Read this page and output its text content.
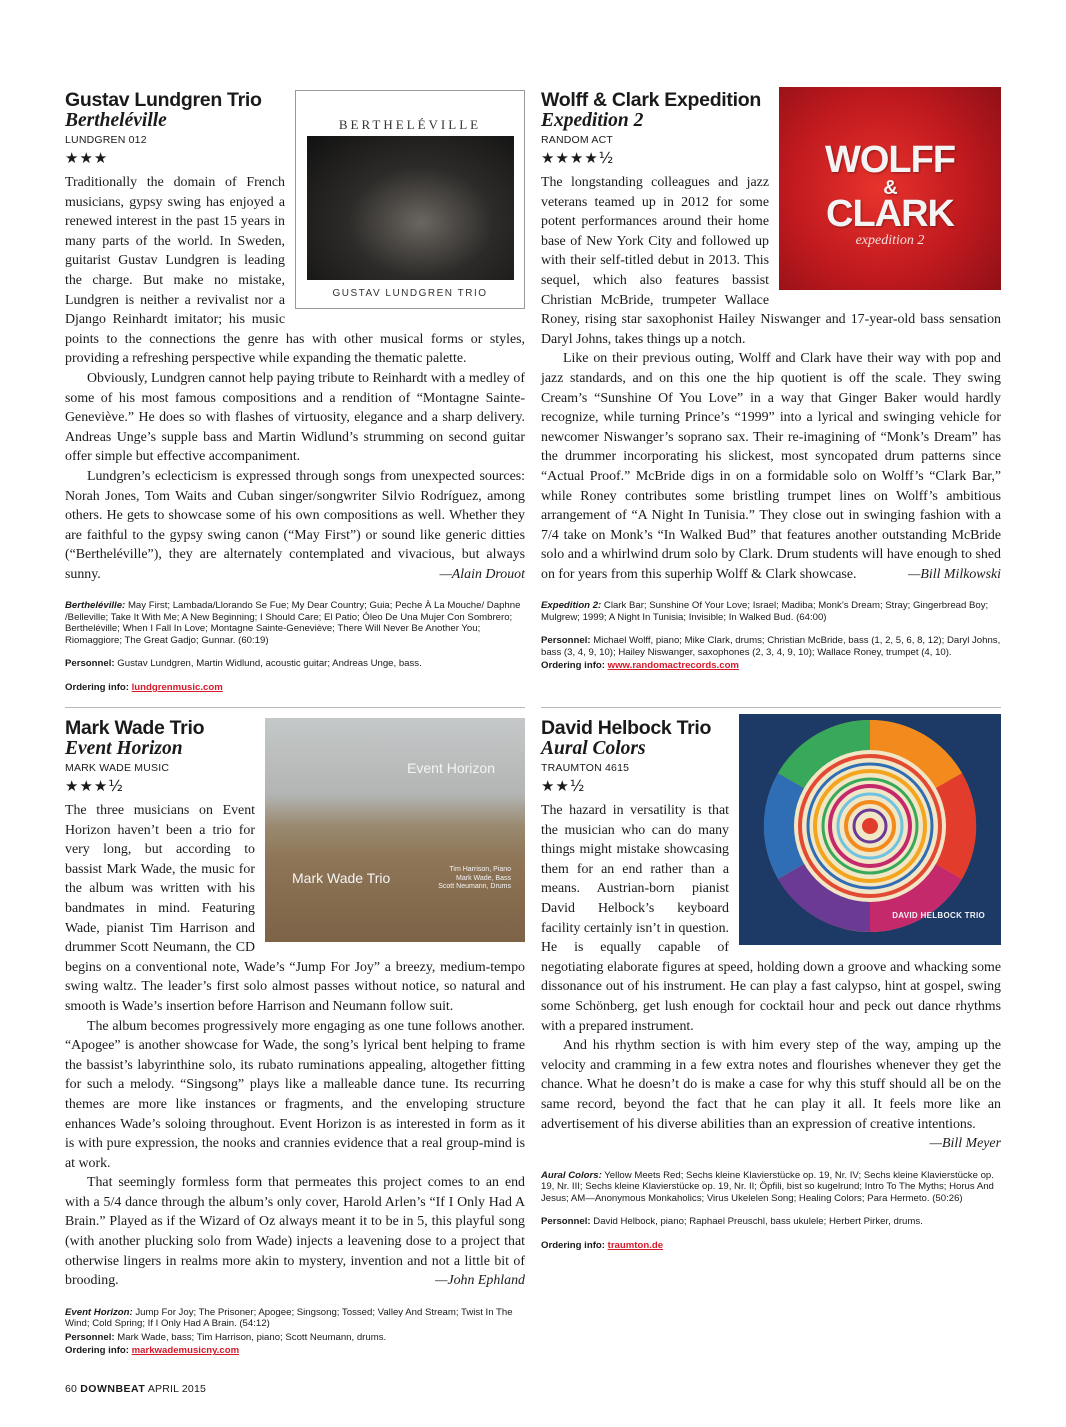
BERTHELÉVILLE
GUSTAV LUNDGREN TRIO
Gustav Lundgren Trio
Bertheléville
LUNDGREN 012
★★★

Traditionally the domain of French musicians, gypsy swing has enjoyed a renewed interest in the past 15 years in many parts of the world. In Sweden, guitarist Gustav Lundgren is leading the charge. But make no mistake, Lundgren is neither a revivalist nor a Django Reinhardt imitator; his music points to the connections the genre has with other musical forms or styles, providing a refreshing perspective while expanding the thematic palette.

Obviously, Lundgren cannot help paying tribute to Reinhardt with a medley of some of his most famous compositions and a rendition of “Montagne Sainte-Geneviève.” He does so with flashes of virtuosity, elegance and a sharp delivery. Andreas Unge’s supple bass and Martin Widlund’s strumming on second guitar offer simple but effective accompaniment.

Lundgren’s eclecticism is expressed through songs from unexpected sources: Norah Jones, Tom Waits and Cuban singer/songwriter Silvio Rodríguez, among others. He gets to showcase some of his own compositions as well. Whether they are faithful to the gypsy swing canon (“May First”) or sound like generic ditties (“Bertheléville”), they are alternately contemplated and vivacious, but always sunny.	—Alain Drouot
Bertheléville: May First; Lambada/Llorando Se Fue; My Dear Country; Guia; Peche À La Mouche/ Daphne /Belleville; Take It With Me; A New Beginning; I Should Care; El Patio; Óleo De Una Mujer Con Sombrero; Bertheléville; When I Fall In Love; Montagne Sainte-Geneviève; There Will Never Be Another You; Riomaggiore; The Great Gadjo; Gunnar. (60:19)
Personnel: Gustav Lundgren, Martin Widlund, acoustic guitar; Andreas Unge, bass.
Ordering info: lundgrenmusic.com
WOLFF
&
CLARK
expedition 2
Wolff & Clark Expedition
Expedition 2
RANDOM ACT
★★★★½

The longstanding colleagues and jazz veterans teamed up in 2012 for some potent performances around their home base of New York City and followed up with their self-titled debut in 2013. This sequel, which also features bassist Christian McBride, trumpeter Wallace Roney, rising star saxophonist Hailey Niswanger and 17-year-old bass sensation Daryl Johns, takes things up a notch.

Like on their previous outing, Wolff and Clark have their way with pop and jazz standards, and on this one the hip quotient is off the scale. They swing Cream’s “Sunshine Of You Love” in a way that Ginger Baker would hardly recognize, while turning Prince’s “1999” into a lyrical and swinging vehicle for newcomer Niswanger’s soprano sax. Their re-imagining of “Monk’s Dream” has the drummer incorporating his slickest, most syncopated drum patterns since “Actual Proof.” McBride digs in on a formidable solo on Wolff’s “Clark Bar,” while Roney contributes some bristling trumpet lines on Wolff’s ambitious arrangement of “A Night In Tunisia.” They close out in swinging fashion with a 7/4 take on Monk’s “In Walked Bud” that features another outstanding McBride solo and a whirlwind drum solo by Clark. Drum students will have enough to shed on for years from this superhip Wolff & Clark showcase.	—Bill Milkowski
Expedition 2: Clark Bar; Sunshine Of Your Love; Israel; Madiba; Monk’s Dream; Stray; Gingerbread Boy; Mulgrew; 1999; A Night In Tunisia; Invisible; In Walked Bud. (64:00)
Personnel: Michael Wolff, piano; Mike Clark, drums; Christian McBride, bass (1, 2, 5, 6, 8, 12); Daryl Johns, bass (3, 4, 9, 10); Hailey Niswanger, saxophones (2, 3, 4, 9, 10); Wallace Roney, trumpet (4, 10).
Ordering info: www.randomactrecords.com
Event Horizon
Mark Wade Trio
Tim Harrison, Piano
Mark Wade, Bass
Scott Neumann, Drums
Mark Wade Trio
Event Horizon
MARK WADE MUSIC
★★★½

The three musicians on Event Horizon haven’t been a trio for very long, but according to bassist Mark Wade, the music for the album was written with his bandmates in mind. Featuring Wade, pianist Tim Harrison and drummer Scott Neumann, the CD begins on a conventional note, Wade’s “Jump For Joy” a breezy, medium-tempo swing waltz. The leader’s first solo almost passes without notice, so natural and smooth is Wade’s insertion before Harrison and Neumann follow suit.

The album becomes progressively more engaging as one tune follows another. “Apogee” is another showcase for Wade, the song’s lyrical bent helping to frame the bassist’s labyrinthine solo, its rubato ruminations appealing, altogether fitting for such a melody. “Singsong” plays like a malleable dance tune. Its recurring themes are more like instances or fragments, and the enveloping structure enhances Wade’s soloing throughout. Event Horizon is as interested in form as it is with pure expression, the nooks and crannies evidence that a real group-mind is at work.

That seemingly formless form that permeates this project comes to an end with a 5/4 dance through the album’s only cover, Harold Arlen’s “If I Only Had A Brain.” Played as if the Wizard of Oz always meant it to be in 5, this playful song (with another plucking solo from Wade) injects a leavening dose to a project that otherwise lingers in realms more akin to mystery, invention and not a little bit of brooding.	—John Ephland
Event Horizon: Jump For Joy; The Prisoner; Apogee; Singsong; Tossed; Valley And Stream; Twist In The Wind; Cold Spring; If I Only Had A Brain. (54:12)
Personnel: Mark Wade, bass; Tim Harrison, piano; Scott Neumann, drums.
Ordering info: markwademusicny.com
DAVID HELBOCK TRIO
David Helbock Trio
Aural Colors
TRAUMTON 4615
★★½

The hazard in versatility is that the musician who can do many things might mistake showcasing them for an end rather than a means. Austrian-born pianist David Helbock’s keyboard facility certainly isn’t in question. He is equally capable of negotiating elaborate figures at speed, holding down a groove and whacking some dissonance out of his instrument. He can play a fast calypso, hint at gospel, swing some Schönberg, get lush enough for cocktail hour and peck out dance rhythms with a prepared instrument.

And his rhythm section is with him every step of the way, amping up the velocity and cramming in a few extra notes and flourishes whenever they get the chance. What he doesn’t do is make a case for why this stuff should all be on the same record, beyond the fact that he can play it all. It feels more like an advertisement of his diverse abilities than an expression of creative intentions.

—Bill Meyer
Aural Colors: Yellow Meets Red; Sechs kleine Klavierstücke op. 19, Nr. IV; Sechs kleine Klavierstücke op. 19, Nr. III; Sechs kleine Klavierstücke op. 19, Nr. II; Öpfili, bist so kugelrund; Intro To The Myths; Horus And Jesus; AM—Anonymous Monkaholics; Virus Ukelelen Song; Healing Colors; Para Hermeto. (50:26)
Personnel: David Helbock, piano; Raphael Preuschl, bass ukulele; Herbert Pirker, drums.
Ordering info: traumton.de
60 DOWNBEAT APRIL 2015
